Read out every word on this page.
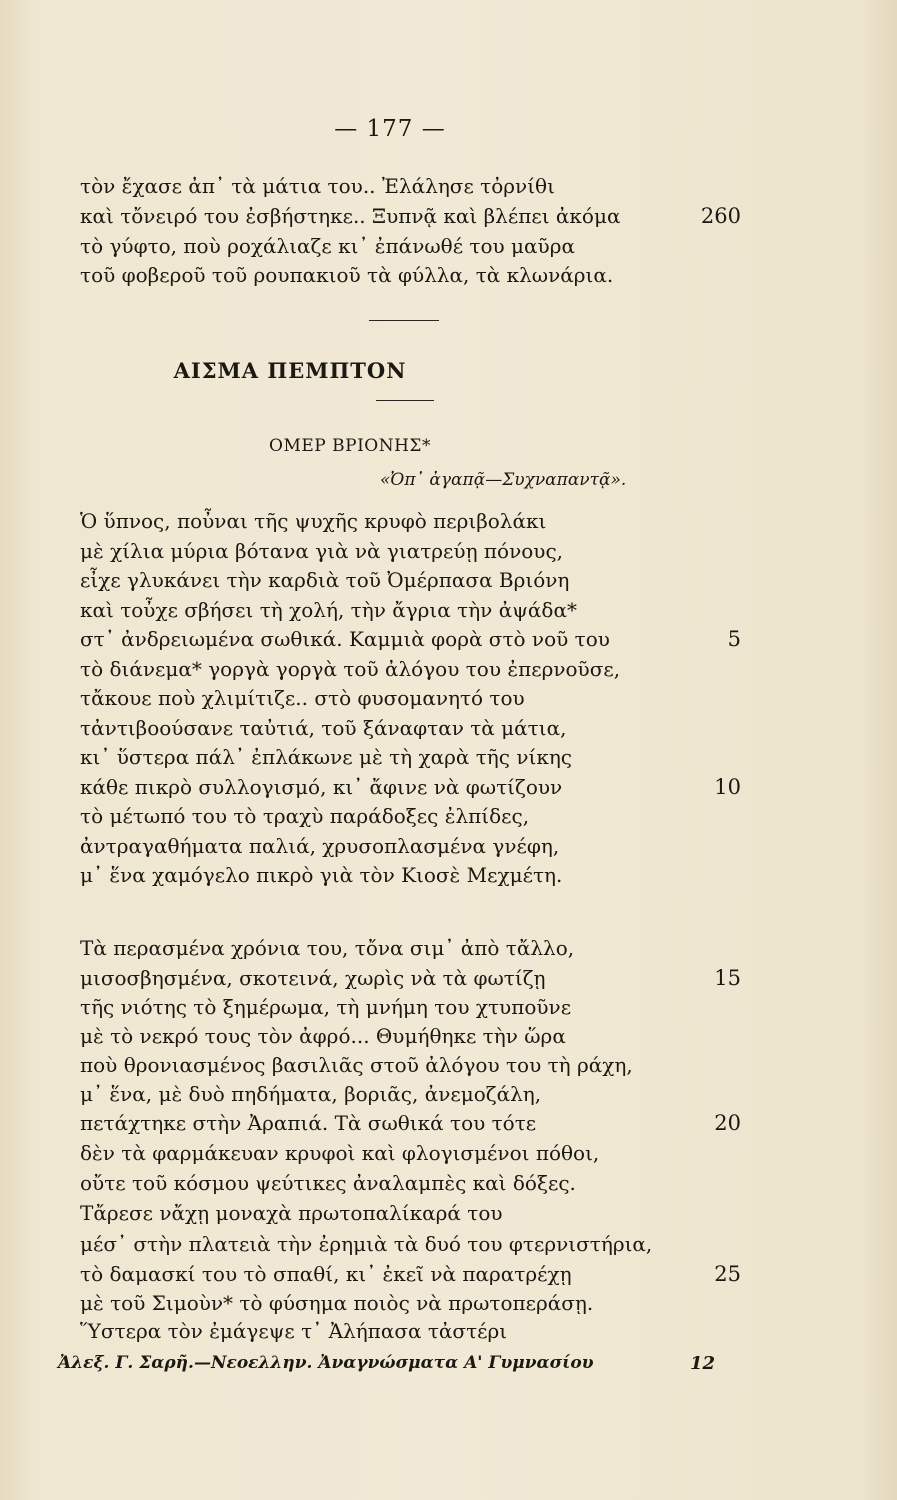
— 177 —
τὸν ἔχασε ἀπ᾽ τὰ μάτια του.. Ἐλάλησε τὀρνίθι
καὶ τὄνειρό του ἐσβήστηκε.. Ξυπνᾷ καὶ βλέπει ἀκόμα
τὸ γύφτο, ποὺ ροχάλιαζε κι᾽ ἐπάνωθέ του μαῦρα
τοῦ φοβεροῦ τοῦ ρουπακιοῦ τὰ φύλλα, τὰ κλωνάρια.
260
ΑΙΣΜΑ ΠΕΜΠΤΟΝ
ΟΜΕΡ ΒΡΙΟΝΗΣ*
«Ὀπ᾽ ἀγαπᾷ—Συχναπαντᾷ».
Ὁ ὕπνος, ποὖναι τῆς ψυχῆς κρυφὸ περιβολάκι
μὲ χίλια μύρια βότανα γιὰ νὰ γιατρεύῃ πόνους,
εἶχε γλυκάνει τὴν καρδιὰ τοῦ Ὀμέρπασα Βριόνη
καὶ τοὖχε σβήσει τὴ χολή, τὴν ἄγρια τὴν ἀψάδα*
στ᾽ ἀνδρειωμένα σωθικά. Καμμιὰ φορὰ στὸ νοῦ του
τὸ διάνεμα* γοργὰ γοργὰ τοῦ ἀλόγου του ἐπερνοῦσε,
τἄκουε ποὺ χλιμίτιζε.. στὸ φυσομανητό του
τἀντιβοούσανε ταὐτιά, τοῦ ξάναφταν τὰ μάτια,
κι᾽ ὕστερα πάλ᾽ ἐπλάκωνε μὲ τὴ χαρὰ τῆς νίκης
κάθε πικρὸ συλλογισμό, κι᾽ ἄφινε νὰ φωτίζουν
τὸ μέτωπό του τὸ τραχὺ παράδοξες ἐλπίδες,
ἀντραγαθήματα παλιά, χρυσοπλασμένα γνέφη,
μ᾽ ἕνα χαμόγελο πικρὸ γιὰ τὸν Κιοσὲ Μεχμέτη.
5
10
Τὰ περασμένα χρόνια του, τὄνα σιμ᾽ ἀπὸ τἄλλο,
μισοσβησμένα, σκοτεινά, χωρὶς νὰ τὰ φωτίζῃ
τῆς νιότης τὸ ξημέρωμα, τὴ μνήμη του χτυποῦνε
μὲ τὸ νεκρό τους τὸν ἀφρό... Θυμήθηκε τὴν ὥρα
ποὺ θρονιασμένος βασιλιᾶς στοῦ ἀλόγου του τὴ ράχη,
μ᾽ ἕνα, μὲ δυὸ πηδήματα, βοριᾶς, ἀνεμοζάλη,
πετάχτηκε στὴν Ἀραπιά. Τὰ σωθικά του τότε
δὲν τὰ φαρμάκευαν κρυφοὶ καὶ φλογισμένοι πόθοι,
οὔτε τοῦ κόσμου ψεύτικες ἀναλαμπὲς καὶ δόξες.
Τἄρεσε νἄχῃ μοναχὰ πρωτοπαλίκαρά του
μέσ᾽ στὴν πλατειὰ τὴν ἐρημιὰ τὰ δυό του φτερνιστήρια,
τὸ δαμασκί του τὸ σπαθί, κι᾽ ἐκεῖ νὰ παρατρέχῃ
μὲ τοῦ Σιμοὺν* τὸ φύσημα ποιὸς νὰ πρωτοπεράσῃ.
Ὕστερα τὸν ἐμάγεψε τ᾽ Ἀλήπασα τἀστέρι
15
20
25
Ἀλεξ. Γ. Σαρῆ.—Νεοελλην. Ἀναγνώσματα Α' Γυμνασίου	12
